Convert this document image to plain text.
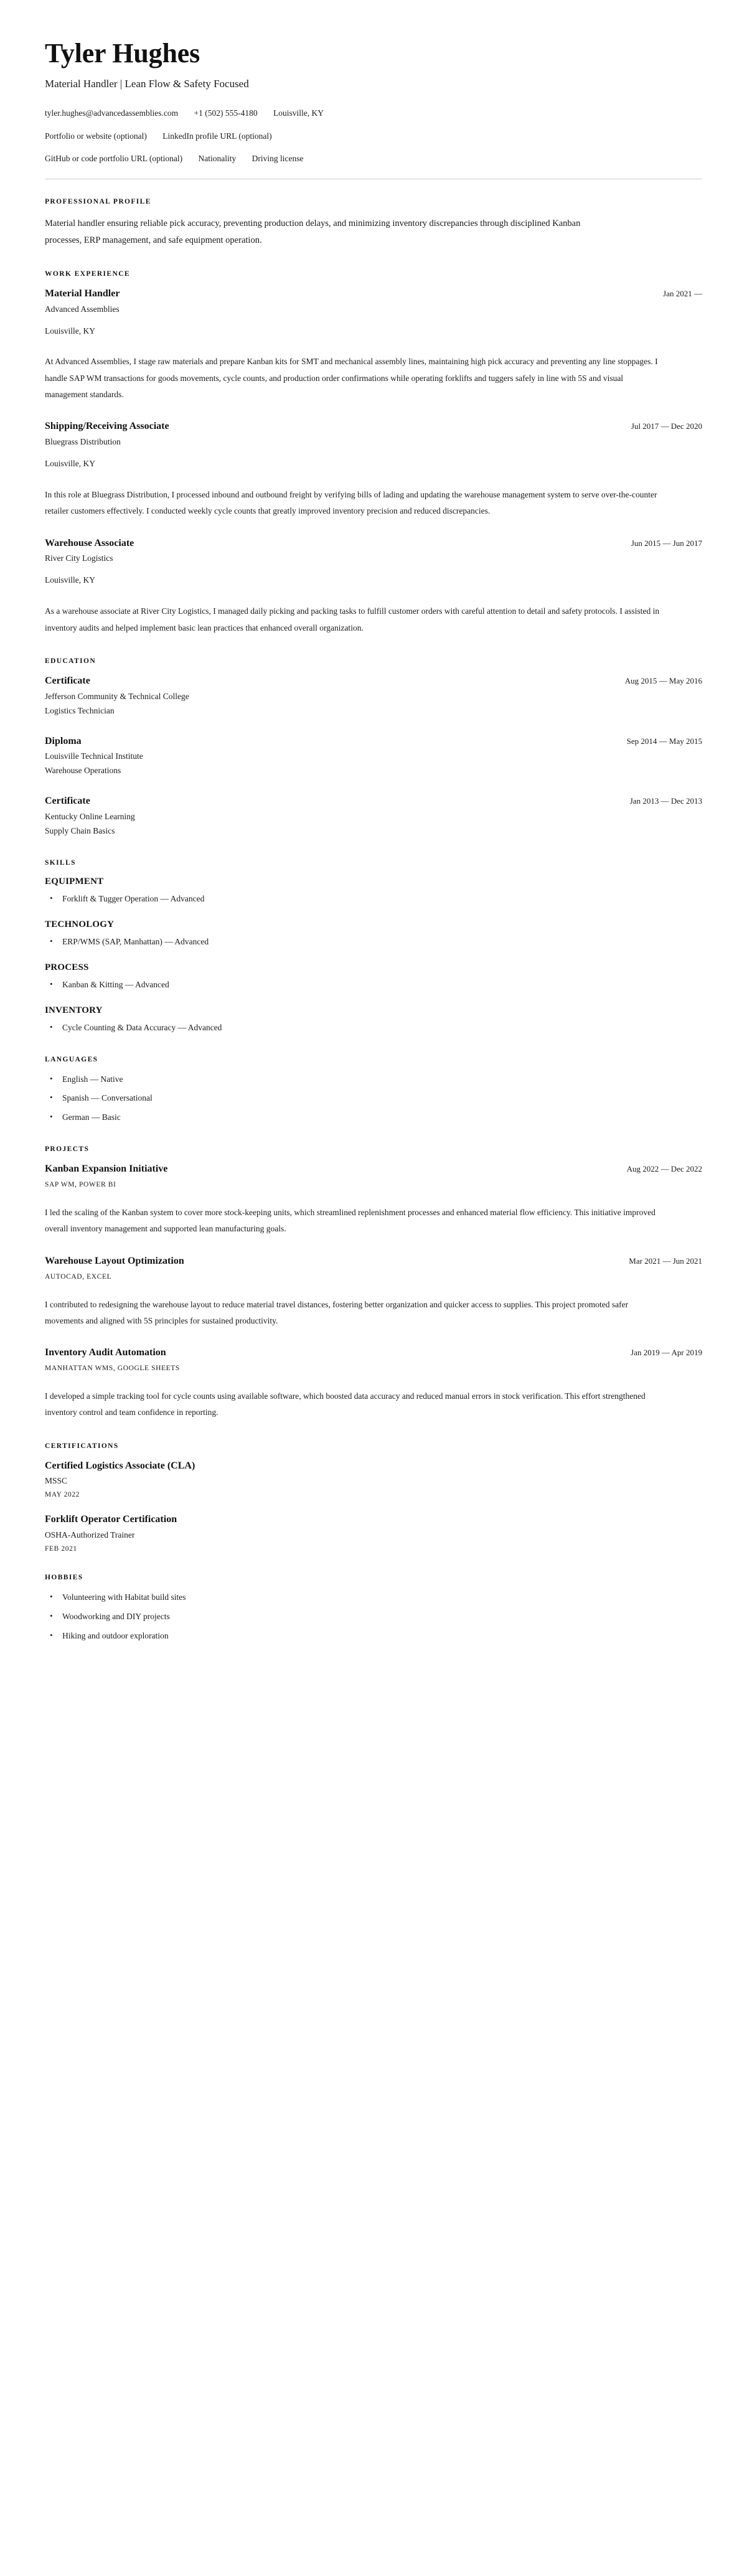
Tyler Hughes
Material Handler | Lean Flow & Safety Focused
tyler.hughes@advancedassemblies.com +1 (502) 555-4180 Louisville, KY
Portfolio or website (optional) LinkedIn profile URL (optional)
GitHub or code portfolio URL (optional) Nationality Driving license
PROFESSIONAL PROFILE

Material handler ensuring reliable pick accuracy, preventing production delays, and minimizing inventory discrepancies through disciplined Kanban processes, ERP management, and safe equipment operation.

WORK EXPERIENCE
Material Handler	Jan 2021 —
Advanced Assemblies
Louisville, KY
At Advanced Assemblies, I stage raw materials and prepare Kanban kits for SMT and mechanical assembly lines, maintaining high pick accuracy and preventing any line stoppages. I handle SAP WM transactions for goods movements, cycle counts, and production order confirmations while operating forklifts and tuggers safely in line with 5S and visual management standards.
Shipping/Receiving Associate	Jul 2017 — Dec 2020
Bluegrass Distribution
Louisville, KY
In this role at Bluegrass Distribution, I processed inbound and outbound freight by verifying bills of lading and updating the warehouse management system to serve over-the-counter retailer customers effectively. I conducted weekly cycle counts that greatly improved inventory precision and reduced discrepancies.
Warehouse Associate	Jun 2015 — Jun 2017
River City Logistics
Louisville, KY
As a warehouse associate at River City Logistics, I managed daily picking and packing tasks to fulfill customer orders with careful attention to detail and safety protocols. I assisted in inventory audits and helped implement basic lean practices that enhanced overall organization.
EDUCATION
Certificate	Aug 2015 — May 2016
Jefferson Community & Technical College
Logistics Technician
Diploma	Sep 2014 — May 2015
Louisville Technical Institute
Warehouse Operations
Certificate	Jan 2013 — Dec 2013
Kentucky Online Learning
Supply Chain Basics
SKILLS
EQUIPMENT
• Forklift & Tugger Operation — Advanced
TECHNOLOGY
• ERP/WMS (SAP, Manhattan) — Advanced
PROCESS
• Kanban & Kitting — Advanced
INVENTORY
• Cycle Counting & Data Accuracy — Advanced
LANGUAGES
• English — Native
• Spanish — Conversational
• German — Basic
PROJECTS
Kanban Expansion Initiative	Aug 2022 — Dec 2022
SAP WM, POWER BI
I led the scaling of the Kanban system to cover more stock-keeping units, which streamlined replenishment processes and enhanced material flow efficiency. This initiative improved overall inventory management and supported lean manufacturing goals.
Warehouse Layout Optimization	Mar 2021 — Jun 2021
AUTOCAD, EXCEL
I contributed to redesigning the warehouse layout to reduce material travel distances, fostering better organization and quicker access to supplies. This project promoted safer movements and aligned with 5S principles for sustained productivity.
Inventory Audit Automation	Jan 2019 — Apr 2019
MANHATTAN WMS, GOOGLE SHEETS
I developed a simple tracking tool for cycle counts using available software, which boosted data accuracy and reduced manual errors in stock verification. This effort strengthened inventory control and team confidence in reporting.
CERTIFICATIONS
Certified Logistics Associate (CLA)
MSSC
MAY 2022
Forklift Operator Certification
OSHA-Authorized Trainer
FEB 2021
HOBBIES
• Volunteering with Habitat build sites
• Woodworking and DIY projects
• Hiking and outdoor exploration
